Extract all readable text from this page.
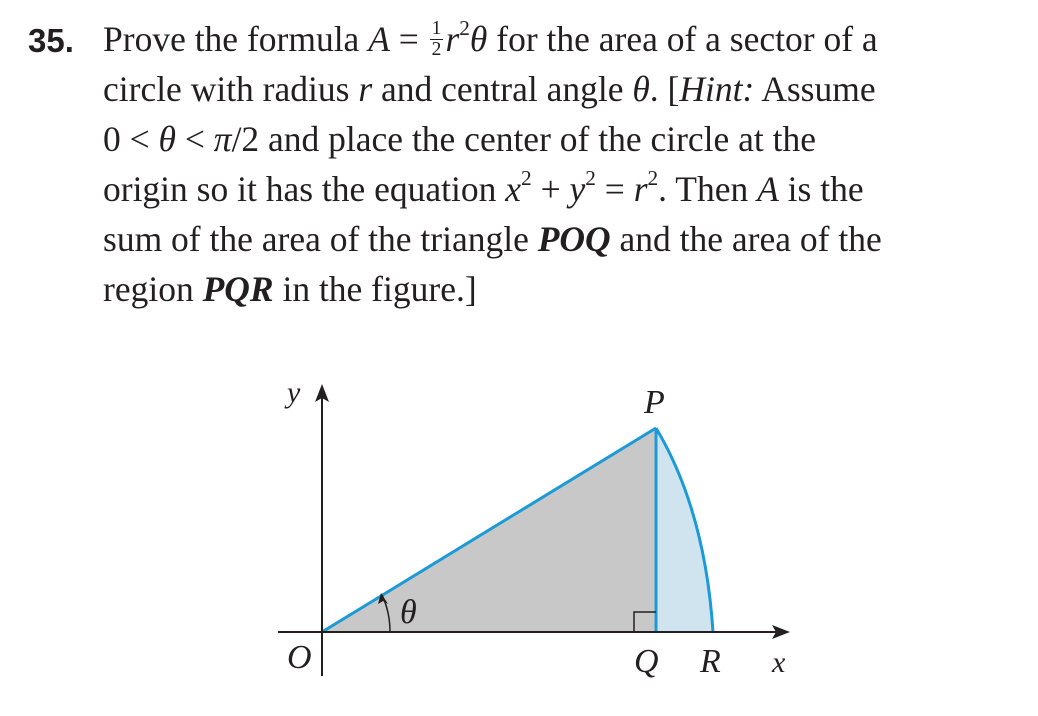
35. Prove the formula $A = \frac{1}{2} r^2\theta$ for the area of a sector of a
circle with radius r and central angle θ. [Hint: Assume
0 < θ < π/2 and place the center of the circle at the
origin so it has the equation $x^2 + y^2 = r^2$. Then A is the
sum of the area of the triangle POQ and the area of the
region PQR in the figure.]
y	P
θ
O	Q R x
